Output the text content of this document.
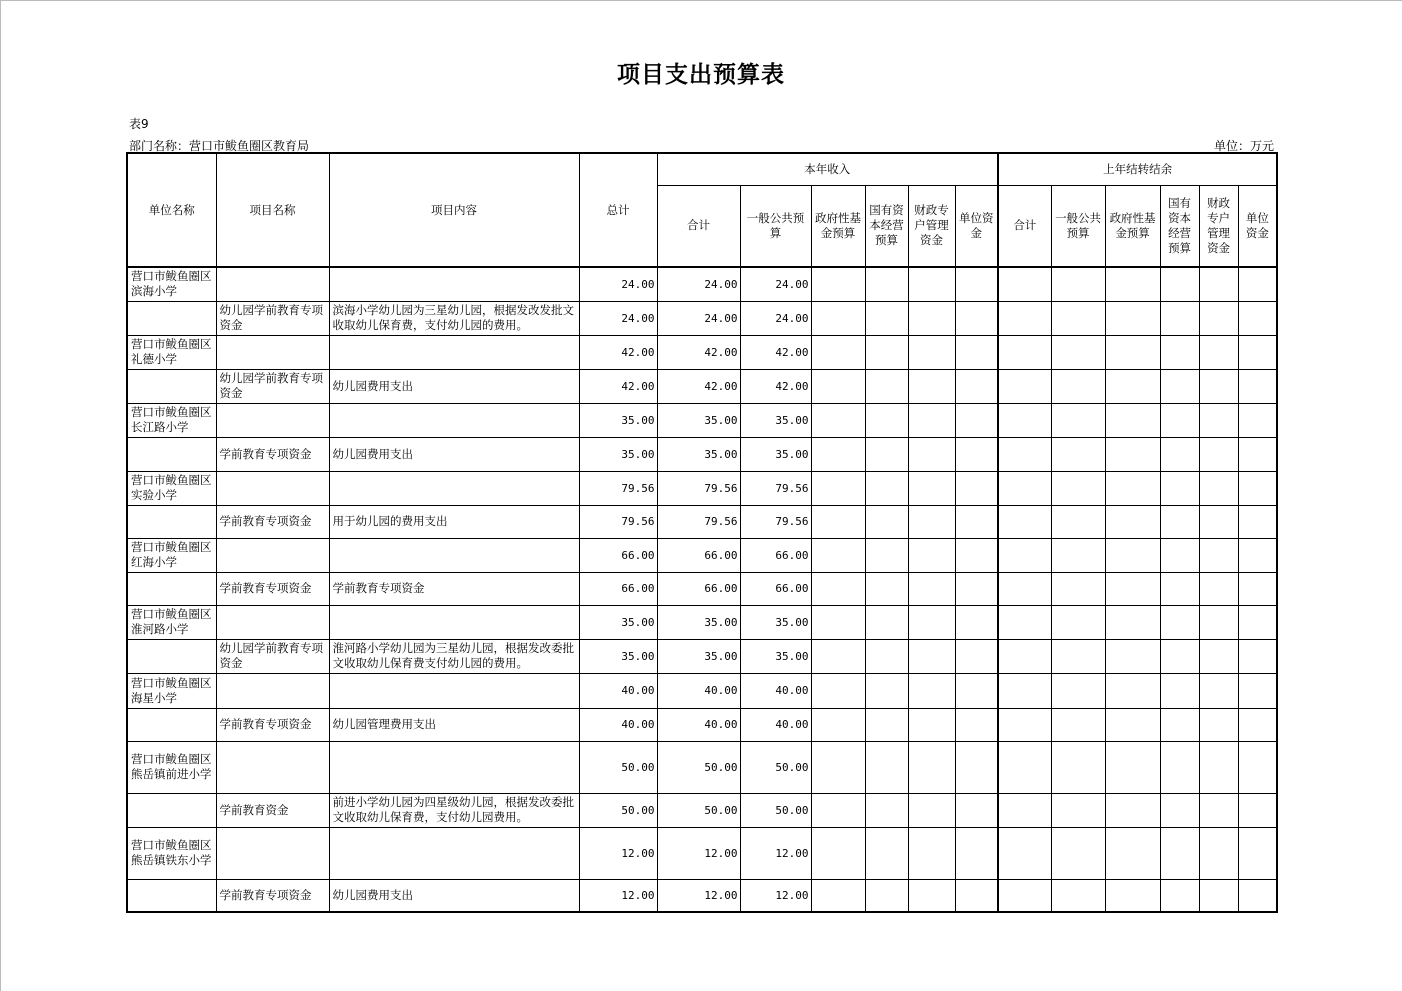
项目支出预算表
表9
部门名称：营口市鲅鱼圈区教育局	单位：万元
单位名称	项目名称	项目内容	总计	本年收入						上年结转结余					
				合计	一般公共预算	政府性基金预算	国有资本经营预算	财政专户管理资金	单位资金	合计	一般公共预算	政府性基金预算	国有资本经营预算	财政专户管理资金	单位资金
营口市鲅鱼圈区滨海小学			24.00	24.00	24.00										
	幼儿园学前教育专项资金	滨海小学幼儿园为三星幼儿园，根据发改发批文收取幼儿保育费，支付幼儿园的费用。	24.00	24.00	24.00										
营口市鲅鱼圈区礼德小学			42.00	42.00	42.00										
	幼儿园学前教育专项资金	幼儿园费用支出	42.00	42.00	42.00										
营口市鲅鱼圈区长江路小学			35.00	35.00	35.00										
	学前教育专项资金	幼儿园费用支出	35.00	35.00	35.00										
营口市鲅鱼圈区实验小学			79.56	79.56	79.56										
	学前教育专项资金	用于幼儿园的费用支出	79.56	79.56	79.56										
营口市鲅鱼圈区红海小学			66.00	66.00	66.00										
	学前教育专项资金	学前教育专项资金	66.00	66.00	66.00										
营口市鲅鱼圈区淮河路小学			35.00	35.00	35.00										
	幼儿园学前教育专项资金	淮河路小学幼儿园为三星幼儿园，根据发改委批文收取幼儿保育费支付幼儿园的费用。	35.00	35.00	35.00										
营口市鲅鱼圈区海星小学			40.00	40.00	40.00										
	学前教育专项资金	幼儿园管理费用支出	40.00	40.00	40.00										
营口市鲅鱼圈区熊岳镇前进小学			50.00	50.00	50.00										
	学前教育资金	前进小学幼儿园为四星级幼儿园，根据发改委批文收取幼儿保育费，支付幼儿园费用。	50.00	50.00	50.00										
营口市鲅鱼圈区熊岳镇铁东小学			12.00	12.00	12.00										
	学前教育专项资金	幼儿园费用支出	12.00	12.00	12.00										
